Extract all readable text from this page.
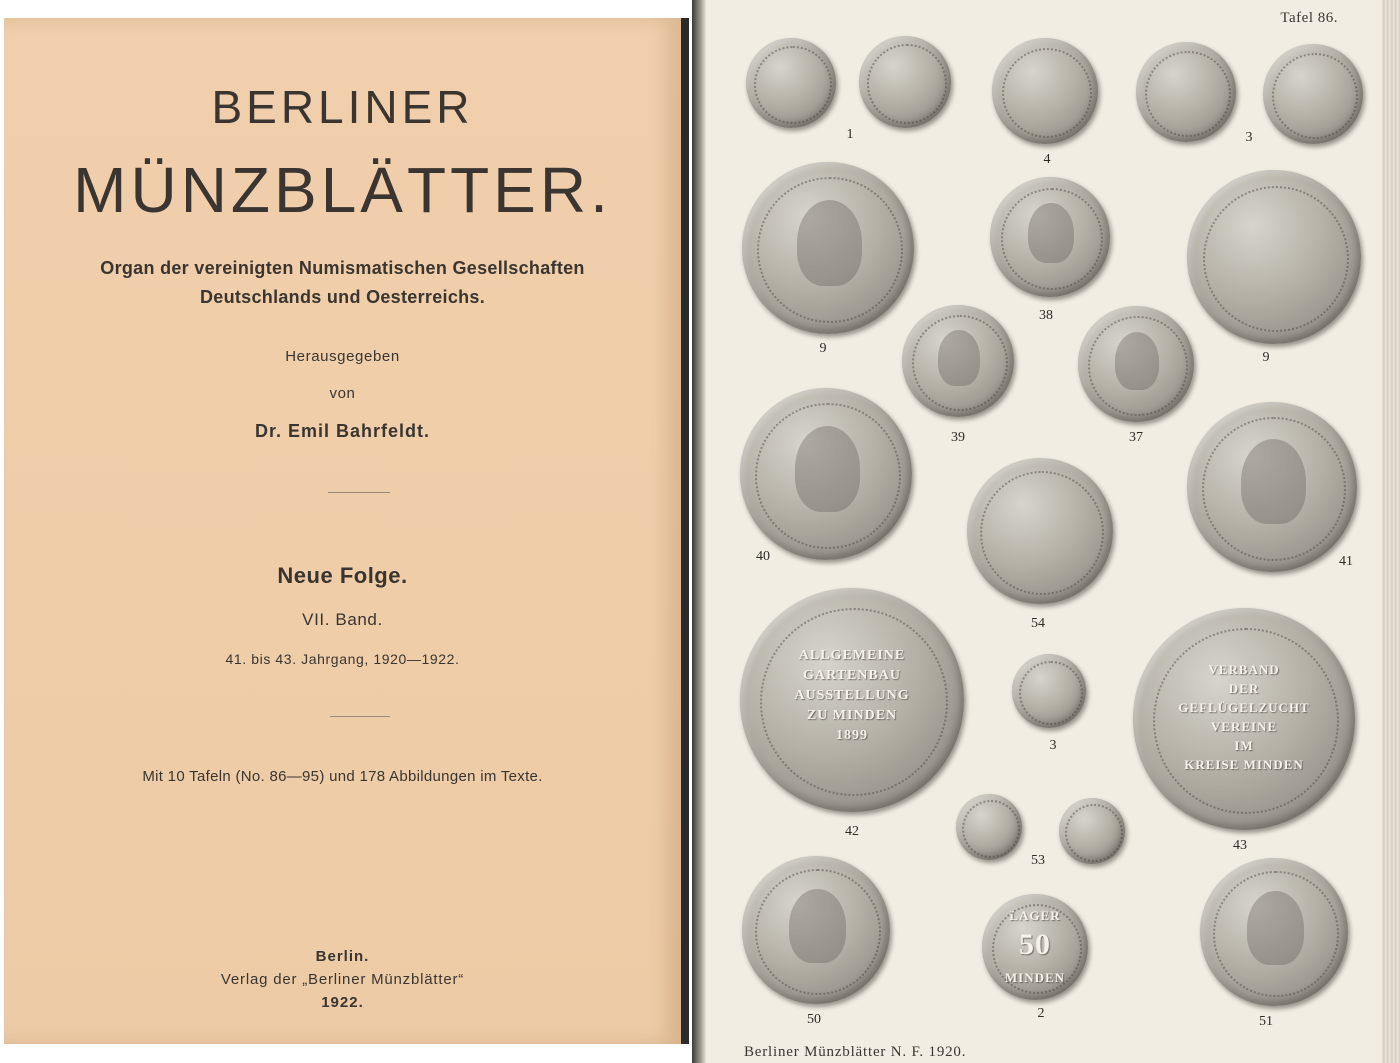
BERLINER
MÜNZBLÄTTER.
Organ der vereinigten Numismatischen Gesellschaften
Deutschlands und Oesterreichs.
Herausgegeben
von
Dr. Emil Bahrfeldt.
Neue Folge.
VII. Band.
41. bis 43. Jahrgang, 1920—1922.
Mit 10 Tafeln (No. 86—95) und 178 Abbildungen im Texte.
Berlin.
Verlag der „Berliner Münzblätter“
1922.
Tafel 86.
1
4
3
9
38
9
39	37
40
54
41
ALLGEMEINE
GARTENBAU
AUSSTELLUNG
ZU MINDEN
1899
42
3
VERBAND
DER
GEFLÜGELZUCHT
VEREINE
IM
KREISE MINDEN
43
53
50
LAGER
50
MINDEN
2
51
Berliner Münzblätter N. F. 1920.
